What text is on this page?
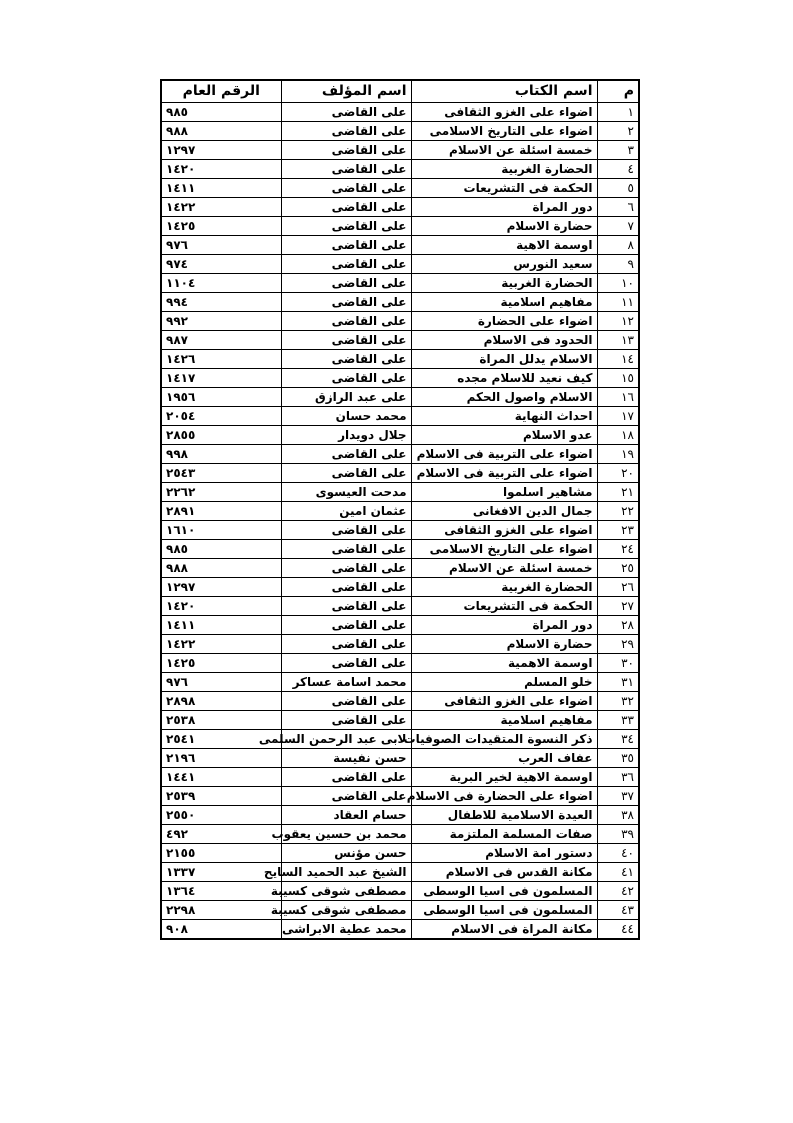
م	اسم الكتاب	اسم المؤلف	الرقم العام
١	اضواء على الغزو الثقافى	على القاضى	٩٨٥
٢	اضواء على التاريخ الاسلامى	على القاضى	٩٨٨
٣	خمسة اسئلة عن الاسلام	على القاضى	١٢٩٧
٤	الحضارة الغربية	على القاضى	١٤٢٠
٥	الحكمة فى التشريعات	على القاضى	١٤١١
٦	دور المراة	على القاضى	١٤٢٢
٧	حضارة الاسلام	على القاضى	١٤٢٥
٨	اوسمة الاهية	على القاضى	٩٧٦
٩	سعيد النورس	على القاضى	٩٧٤
١٠	الحضارة الغربية	على القاضى	١١٠٤
١١	مفاهيم اسلامية	على القاضى	٩٩٤
١٢	اضواء على الحضارة	على القاضى	٩٩٢
١٣	الحدود فى الاسلام	على القاضى	٩٨٧
١٤	الاسلام يدلل المراة	على القاضى	١٤٢٦
١٥	كيف نعيد للاسلام مجده	على القاضى	١٤١٧
١٦	الاسلام واصول الحكم	على عبد الرازق	١٩٥٦
١٧	احداث النهاية	محمد حسان	٢٠٥٤
١٨	عدو الاسلام	جلال دويدار	٢٨٥٥
١٩	اضواء على التربية فى الاسلام	على القاضى	٩٩٨
٢٠	اضواء على التربية فى الاسلام	على القاضى	٢٥٤٣
٢١	مشاهير اسلموا	مدحت العيسوى	٢٢٦٢
٢٢	جمال الدين الافغانى	عثمان امين	٢٨٩١
٢٣	اضواء على الغزو الثقافى	على القاضى	١٦١٠
٢٤	اضواء على التاريخ الاسلامى	على القاضى	٩٨٥
٢٥	خمسة اسئلة عن الاسلام	على القاضى	٩٨٨
٢٦	الحضارة الغربية	على القاضى	١٢٩٧
٢٧	الحكمة فى التشريعات	على القاضى	١٤٢٠
٢٨	دور المراة	على القاضى	١٤١١
٢٩	حضارة الاسلام	على القاضى	١٤٢٢
٣٠	اوسمة الاهمية	على القاضى	١٤٢٥
٣١	خلو المسلم	محمد اسامة عساكر	٩٧٦
٣٢	اضواء على الغزو الثقافى	على القاضى	٢٨٩٨
٣٣	مفاهيم اسلامية	على القاضى	٢٥٣٨
٣٤	ذكر النسوة المتقيدات الصوفيات	لابى عبد الرحمن السلمى	٢٥٤١
٣٥	عفاف العرب	حسن نفيسة	٢١٩٦
٣٦	اوسمة الاهية لخير البرية	على القاضى	١٤٤١
٣٧	اضواء على الحضارة فى الاسلام	على القاضى	٢٥٣٩
٣٨	العيدة الاسلامية للاطفال	حسام العقاد	٢٥٥٠
٣٩	صفات المسلمة الملتزمة	محمد بن حسين يعقوب	٤٩٢
٤٠	دستور امة الاسلام	حسن مؤنس	٢١٥٥
٤١	مكانة القدس فى الاسلام	الشيخ عبد الحميد السايح	١٣٣٧
٤٢	المسلمون فى اسيا الوسطى	مصطفى شوقى كسيبة	١٣٦٤
٤٣	المسلمون فى اسيا الوسطى	مصطفى شوقى كسيبة	٢٢٩٨
٤٤	مكانة المراة فى الاسلام	محمد عطية الابراشى	٩٠٨
